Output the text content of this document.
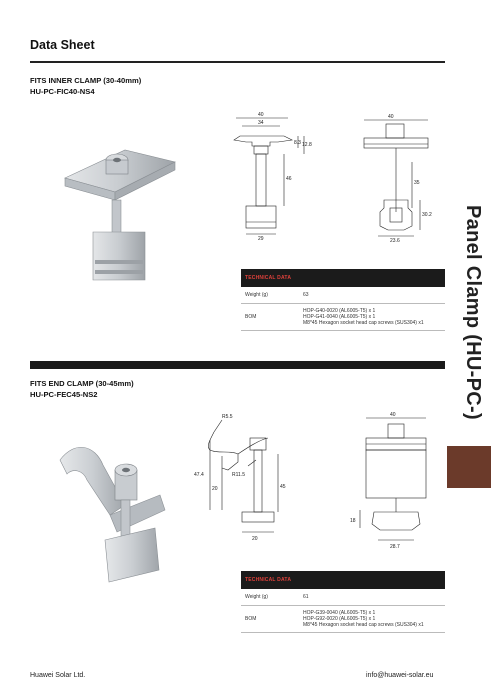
Data Sheet
FITS INNER CLAMP (30-40mm)
HU-PC-FIC40-NS4
40
34
8.3 12.8
46
29
40
35
30.2
23.6
TECHNICAL DATA
Weight (g)	63
BOM
HOP-G40-0020 (AL6005-T5) x 1
HOP-G41-0040 (AL6005-T5) x 1
M8*45 Hexagon socket head cap screws (SUS304) x1	Panel Clamp (HU-PC-)
FITS END CLAMP (30-45mm)
HU-PC-FEC45-NS2
R5.5
R11.5
47.4
20	45
20
40
18
28.7
TECHNICAL DATA
Weight (g)	61
BOM
HOP-G39-0040 (AL6005-T5) x 1
HOP-G92-0020 (AL6005-T5) x 1
M8*45 Hexagon socket head cap screws (SUS304) x1
Huawei Solar Ltd.	info@huawei-solar.eu
